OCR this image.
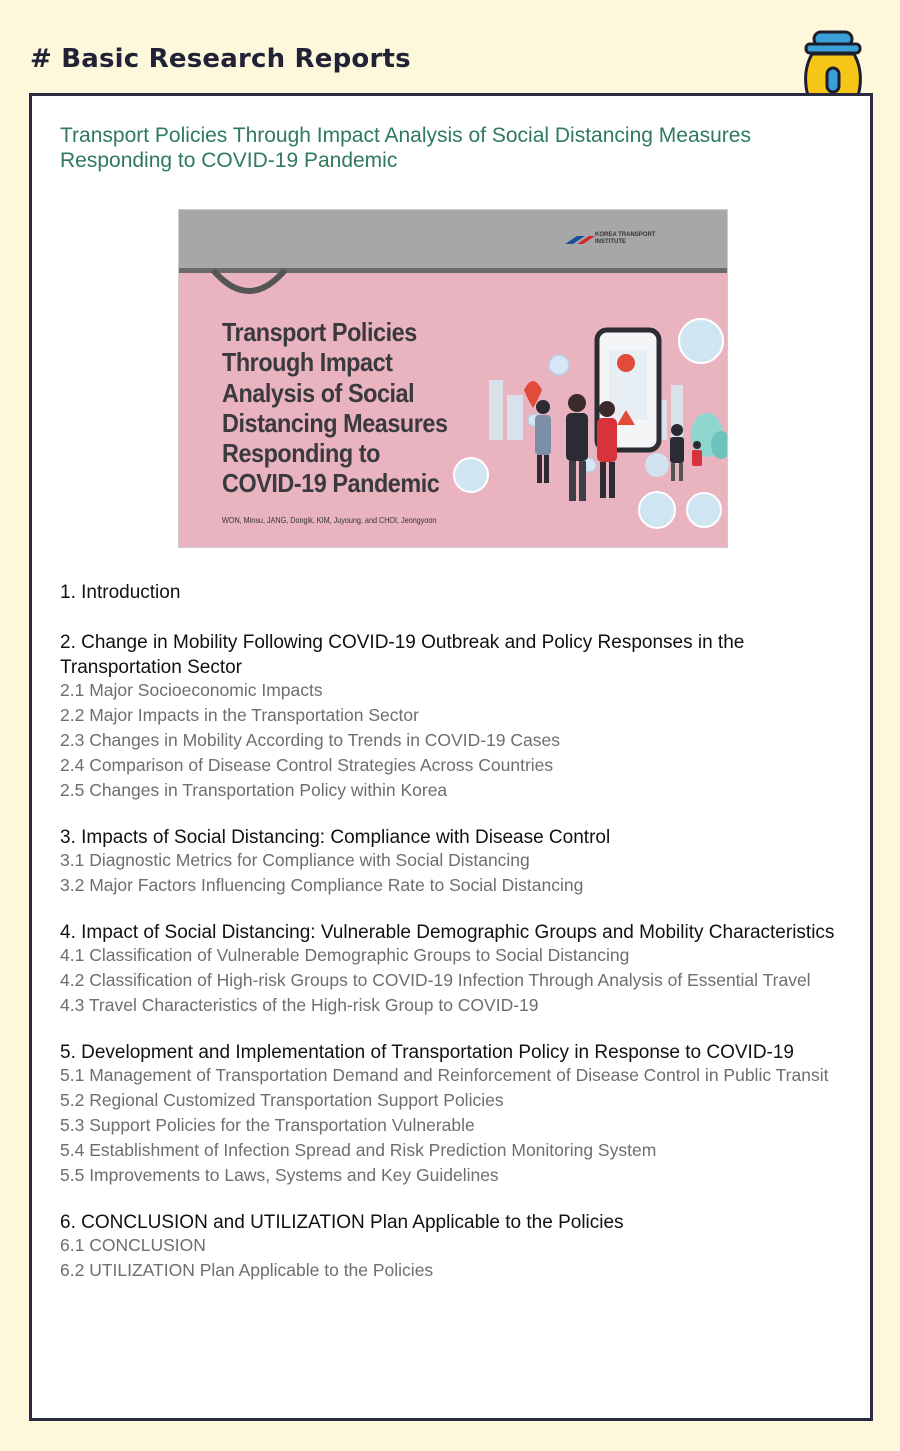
# Basic Research Reports
Transport Policies Through Impact Analysis of Social Distancing Measures Responding to COVID-19 Pandemic
KOREA TRANSPORT INSTITUTE
Transport Policies Through Impact Analysis of Social Distancing Measures Responding to COVID-19 Pandemic
WON, Minsu, JANG, Dongik, KIM, Juyoung, and CHOI, Jeongyoon
1. Introduction
2. Change in Mobility Following COVID-19 Outbreak and Policy Responses in the Transportation Sector
2.1 Major Socioeconomic Impacts
2.2 Major Impacts in the Transportation Sector
2.3 Changes in Mobility According to Trends in COVID-19 Cases
2.4 Comparison of Disease Control Strategies Across Countries
2.5 Changes in Transportation Policy within Korea
3. Impacts of Social Distancing: Compliance with Disease Control
3.1 Diagnostic Metrics for Compliance with Social Distancing
3.2 Major Factors Influencing Compliance Rate to Social Distancing
4. Impact of Social Distancing: Vulnerable Demographic Groups and Mobility Characteristics
4.1 Classification of Vulnerable Demographic Groups to Social Distancing
4.2 Classification of High-risk Groups to COVID-19 Infection Through Analysis of Essential Travel
4.3 Travel Characteristics of the High-risk Group to COVID-19
5. Development and Implementation of Transportation Policy in Response to COVID-19
5.1 Management of Transportation Demand and Reinforcement of Disease Control in Public Transit
5.2 Regional Customized Transportation Support Policies
5.3 Support Policies for the Transportation Vulnerable
5.4 Establishment of Infection Spread and Risk Prediction Monitoring System
5.5 Improvements to Laws, Systems and Key Guidelines
6. CONCLUSION and UTILIZATION Plan Applicable to the Policies
6.1 CONCLUSION
6.2 UTILIZATION Plan Applicable to the Policies
